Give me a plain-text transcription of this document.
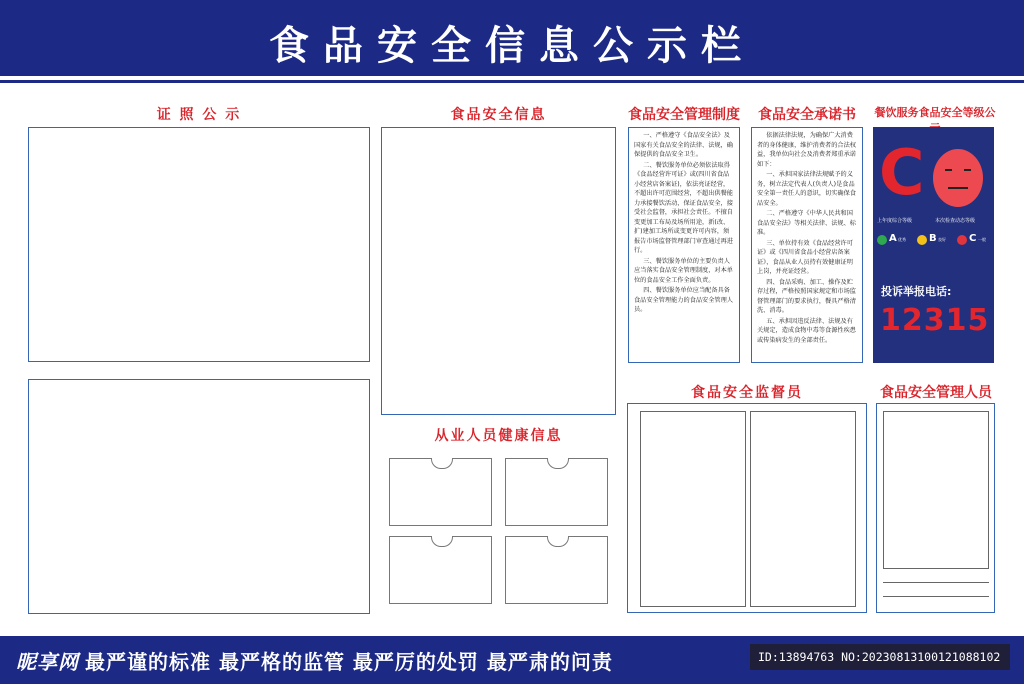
食品安全信息公示栏
证 照 公 示	食品安全信息
从业人员健康信息
食品安全管理制度

一、严格遵守《食品安全法》及国家有关食品安全的法律、法规，确保提供的食品安全卫生。

二、餐饮服务单位必须依法取得《食品经营许可证》或(四川省食品小经营店备案证)，依法亮证经营，不超出许可范围经营，不超出供餐能力承接餐饮活动，保证食品安全，接受社会监督，承担社会责任。不擅自变更加工布局及场所用途，新(改、扩)建加工场所或变更许可内容，须报告市场监督管理部门审查通过再进行。

三、餐饮服务单位的主要负责人应当落实食品安全管理制度，对本单位的食品安全工作全面负责。

四、餐饮服务单位应当配备具备食品安全管理能力的食品安全管理人员。

食品安全承诺书

依据法律法规，为确保广大消费者的身体健康，维护消费者的合法权益，我单位向社会及消费者郑重承诺如下：

一、承担国家法律法规赋予的义务，树立法定代表人(负责人)是食品安全第一责任人的意识，切实确保食品安全。

二、严格遵守《中华人民共和国食品安全法》等相关法律、法规、标准。

三、单位持有效《食品经营许可证》或《四川省食品小经营店备案证》，食品从业人员持有效健康证明上岗，并亮证经营。

四、食品采购、加工、操作及贮存过程，严格按照国家规定和市场监督管理部门的要求执行，餐具严格清洗、消毒。

五、承担因违反法律、法规及有关规定，造成食物中毒等食源性疾患或传染病发生的全部责任。

餐饮服务食品安全等级公
C
上年度综合等级	本次检查动态等级
A 优秀 B 良好 C 一般
投诉举报电话:
12315
食品安全监督员	食品安全管理人员
昵享网 最严谨的标准 最严格的监管 最严厉的处罚 最严肃的问责	ID:13894763 NO:20230813100121088102
